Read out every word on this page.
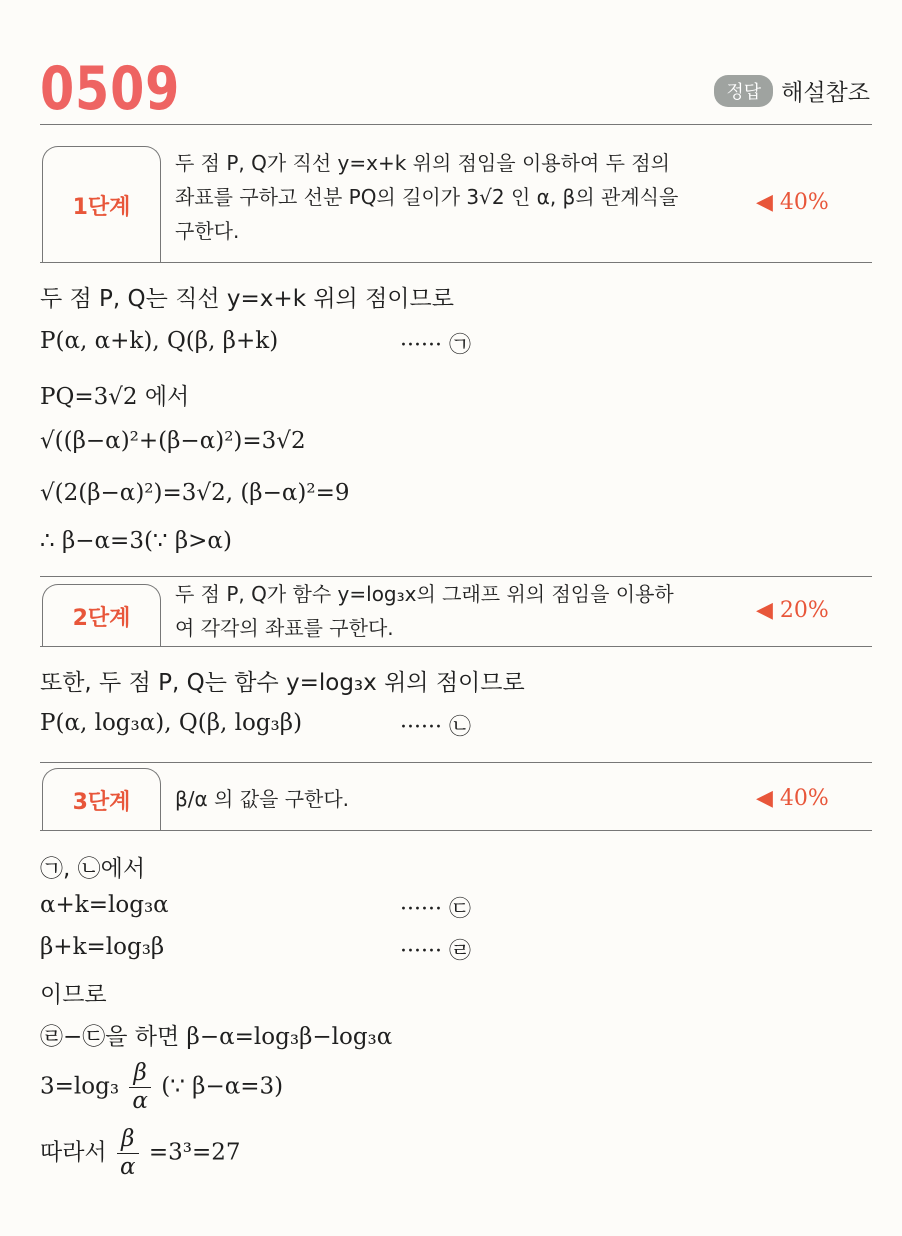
0509	정답 해설참조
1단계
두 점 P, Q가 직선 y=x+k 위의 점임을 이용하여 두 점의
좌표를 구하고 선분 PQ의 길이가 3√2 인 α, β의 관계식을
구한다.
◀ 40%
두 점 P, Q는 직선 y=x+k 위의 점이므로
P(α, α+k), Q(β, β+k)	······ ㉠
PQ=3√2 에서
√((β−α)²+(β−α)²)=3√2
√(2(β−α)²)=3√2, (β−α)²=9
∴ β−α=3(∵ β>α)
2단계
두 점 P, Q가 함수 y=log₃x의 그래프 위의 점임을 이용하
여 각각의 좌표를 구한다.
◀ 20%
또한, 두 점 P, Q는 함수 y=log₃x 위의 점이므로
P(α, log₃α), Q(β, log₃β)	······ ㉡
3단계	β/α 의 값을 구한다.	◀ 40%
㉠, ㉡에서
α+k=log₃α	······ ㉢
β+k=log₃β	······ ㉣
이므로
㉣−㉢을 하면 β−α=log₃β−log₃α
$3=\log_3 \frac{\beta}{\alpha}$ (∵ β−α=3)
따라서 $\frac{\beta}{\alpha} =3^3=27$
